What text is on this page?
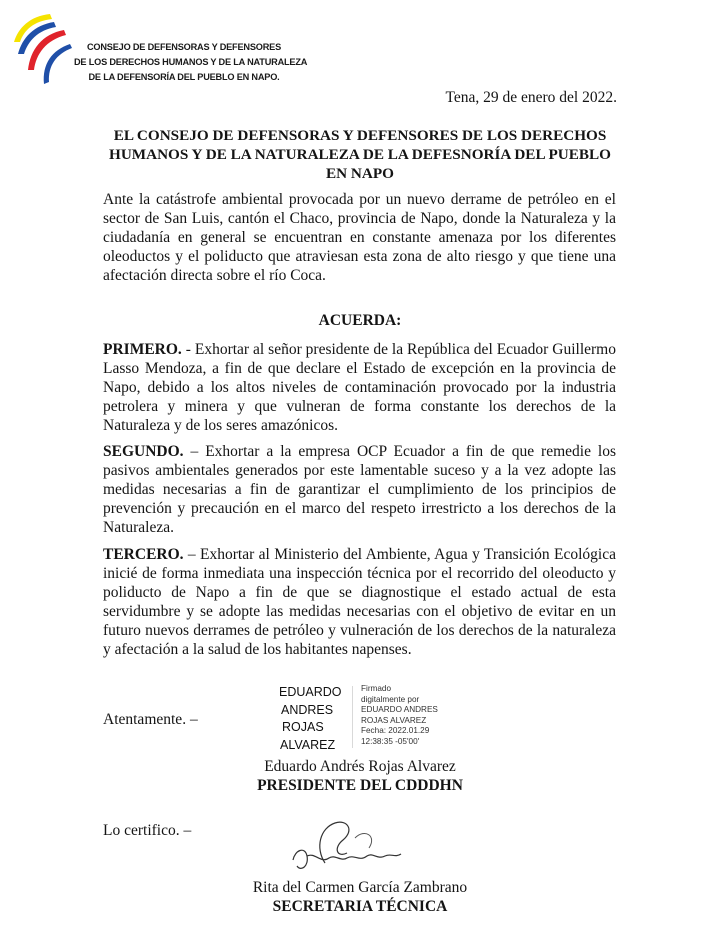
CONSEJO DE DEFENSORAS Y DEFENSORES
DE LOS DERECHOS HUMANOS Y DE LA NATURALEZA
DE LA DEFENSORÍA DEL PUEBLO EN NAPO.
Tena, 29 de enero del 2022.
EL CONSEJO DE DEFENSORAS Y DEFENSORES DE LOS DERECHOS HUMANOS Y DE LA NATURALEZA DE LA DEFESNORÍA DEL PUEBLO EN NAPO
Ante la catástrofe ambiental provocada por un nuevo derrame de petróleo en el sector de San Luis, cantón el Chaco, provincia de Napo, donde la Naturaleza y la ciudadanía en general se encuentran en constante amenaza por los diferentes oleoductos y el poliducto que atraviesan esta zona de alto riesgo y que tiene una afectación directa sobre el río Coca.
ACUERDA:
PRIMERO. - Exhortar al señor presidente de la República del Ecuador Guillermo Lasso Mendoza, a fin de que declare el Estado de excepción en la provincia de Napo, debido a los altos niveles de contaminación provocado por la industria petrolera y minera y que vulneran de forma constante los derechos de la Naturaleza y de los seres amazónicos.
SEGUNDO. – Exhortar a la empresa OCP Ecuador a fin de que remedie los pasivos ambientales generados por este lamentable suceso y a la vez adopte las medidas necesarias a fin de garantizar el cumplimiento de los principios de prevención y precaución en el marco del respeto irrestricto a los derechos de la Naturaleza.
TERCERO. – Exhortar al Ministerio del Ambiente, Agua y Transición Ecológica inicié de forma inmediata una inspección técnica por el recorrido del oleoducto y poliducto de Napo a fin de que se diagnostique el estado actual de esta servidumbre y se adopte las medidas necesarias con el objetivo de evitar en un futuro nuevos derrames de petróleo y vulneración de los derechos de la naturaleza y afectación a la salud de los habitantes napenses.
Atentamente. –
EDUARDO
ANDRES
ROJAS
ALVAREZ
Firmado
digitalmente por
EDUARDO ANDRES
ROJAS ALVAREZ
Fecha: 2022.01.29
12:38:35 -05'00'
Eduardo Andrés Rojas Alvarez
PRESIDENTE DEL CDDDHN
Lo certifico. –
Rita del Carmen García Zambrano
SECRETARIA TÉCNICA
